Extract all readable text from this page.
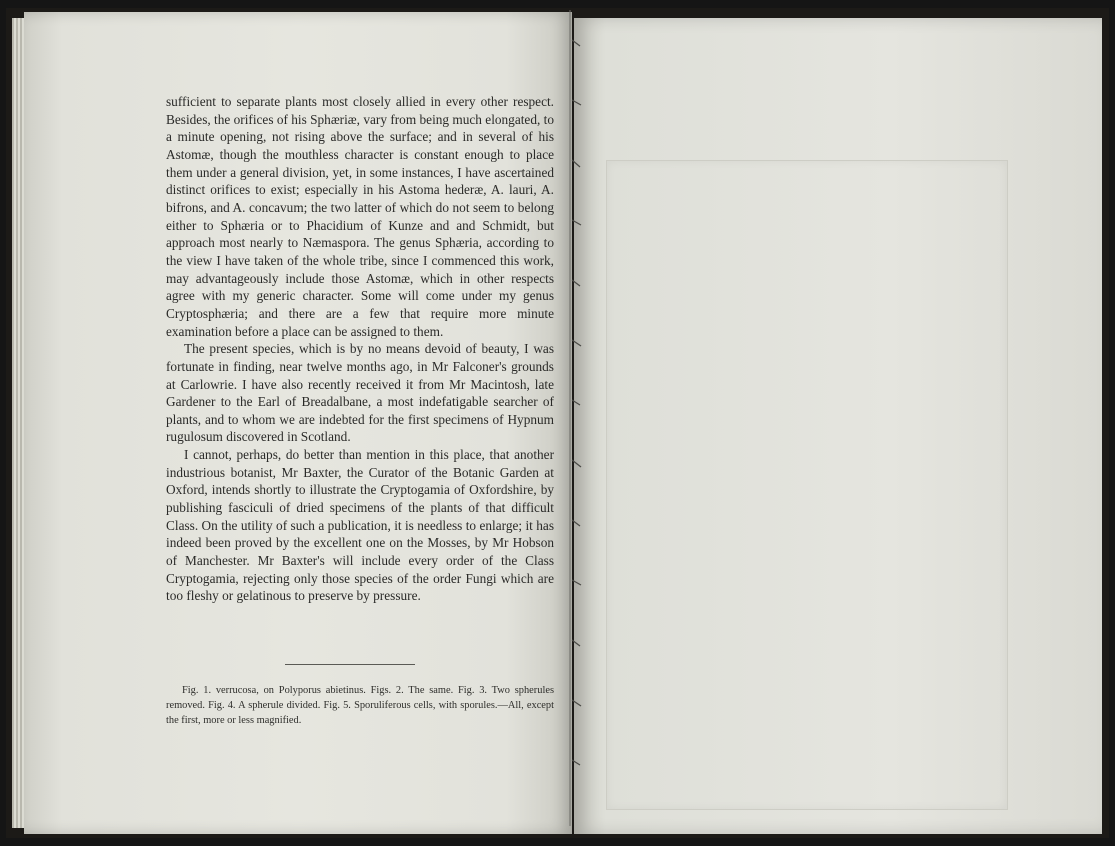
sufficient to separate plants most closely allied in every other respect. Besides, the orifices of his Sphæriæ, vary from being much elongated, to a minute opening, not rising above the surface; and in several of his Astomæ, though the mouthless character is constant enough to place them under a general division, yet, in some instances, I have ascertained distinct orifices to exist; especially in his Astoma hederæ, A. lauri, A. bifrons, and A. concavum; the two latter of which do not seem to belong either to Sphæria or to Phacidium of Kunze and and Schmidt, but approach most nearly to Næmaspora. The genus Sphæria, according to the view I have taken of the whole tribe, since I commenced this work, may advantageously include those Astomæ, which in other respects agree with my generic character. Some will come under my genus Cryptosphæria; and there are a few that require more minute examination before a place can be assigned to them.

The present species, which is by no means devoid of beauty, I was fortunate in finding, near twelve months ago, in Mr Falconer's grounds at Carlowrie. I have also recently received it from Mr Macintosh, late Gardener to the Earl of Breadalbane, a most indefatigable searcher of plants, and to whom we are indebted for the first specimens of Hypnum rugulosum discovered in Scotland.

I cannot, perhaps, do better than mention in this place, that another industrious botanist, Mr Baxter, the Curator of the Botanic Garden at Oxford, intends shortly to illustrate the Cryptogamia of Oxfordshire, by publishing fasciculi of dried specimens of the plants of that difficult Class. On the utility of such a publication, it is needless to enlarge; it has indeed been proved by the excellent one on the Mosses, by Mr Hobson of Manchester. Mr Baxter's will include every order of the Class Cryptogamia, rejecting only those species of the order Fungi which are too fleshy or gelatinous to preserve by pressure.

Fig. 1. verrucosa, on Polyporus abietinus. Figs. 2. The same. Fig. 3. Two spherules removed. Fig. 4. A spherule divided. Fig. 5. Sporuliferous cells, with sporules.—All, except the first, more or less magnified.
